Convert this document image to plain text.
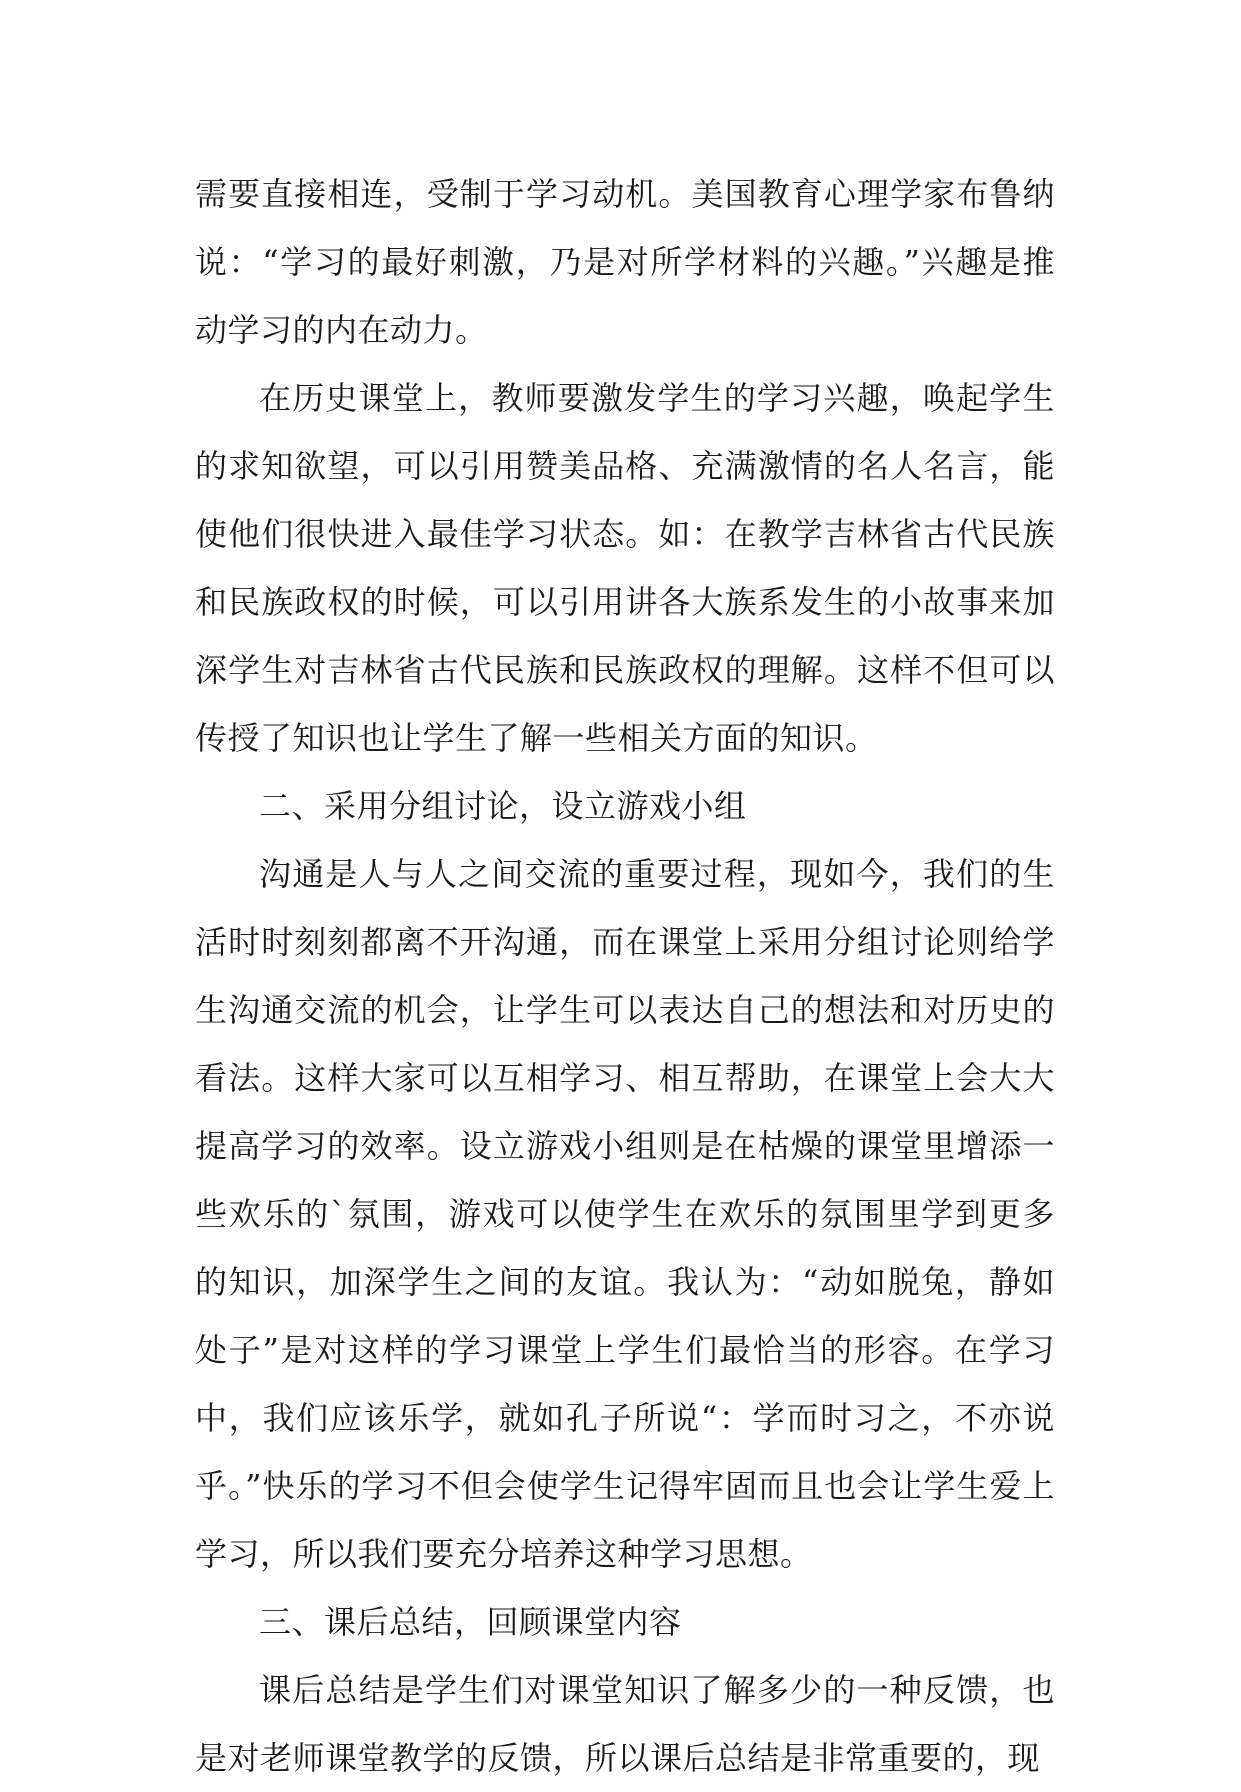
需要直接相连，受制于学习动机。美国教育心理学家布鲁纳说：“学习的最好刺激，乃是对所学材料的兴趣。”兴趣是推动学习的内在动力。

在历史课堂上，教师要激发学生的学习兴趣，唤起学生的求知欲望，可以引用赞美品格、充满激情的名人名言，能使他们很快进入最佳学习状态。如：在教学吉林省古代民族和民族政权的时候，可以引用讲各大族系发生的小故事来加深学生对吉林省古代民族和民族政权的理解。这样不但可以传授了知识也让学生了解一些相关方面的知识。

二、采用分组讨论，设立游戏小组

沟通是人与人之间交流的重要过程，现如今，我们的生活时时刻刻都离不开沟通，而在课堂上采用分组讨论则给学生沟通交流的机会，让学生可以表达自己的想法和对历史的看法。这样大家可以互相学习、相互帮助，在课堂上会大大提高学习的效率。设立游戏小组则是在枯燥的课堂里增添一些欢乐的`氛围，游戏可以使学生在欢乐的氛围里学到更多的知识，加深学生之间的友谊。我认为：“动如脱兔，静如处子”是对这样的学习课堂上学生们最恰当的形容。在学习中，我们应该乐学，就如孔子所说“：学而时习之，不亦说乎。”快乐的学习不但会使学生记得牢固而且也会让学生爱上学习，所以我们要充分培养这种学习思想。

三、课后总结，回顾课堂内容

课后总结是学生们对课堂知识了解多少的一种反馈，也是对老师课堂教学的反馈，所以课后总结是非常重要的，现
